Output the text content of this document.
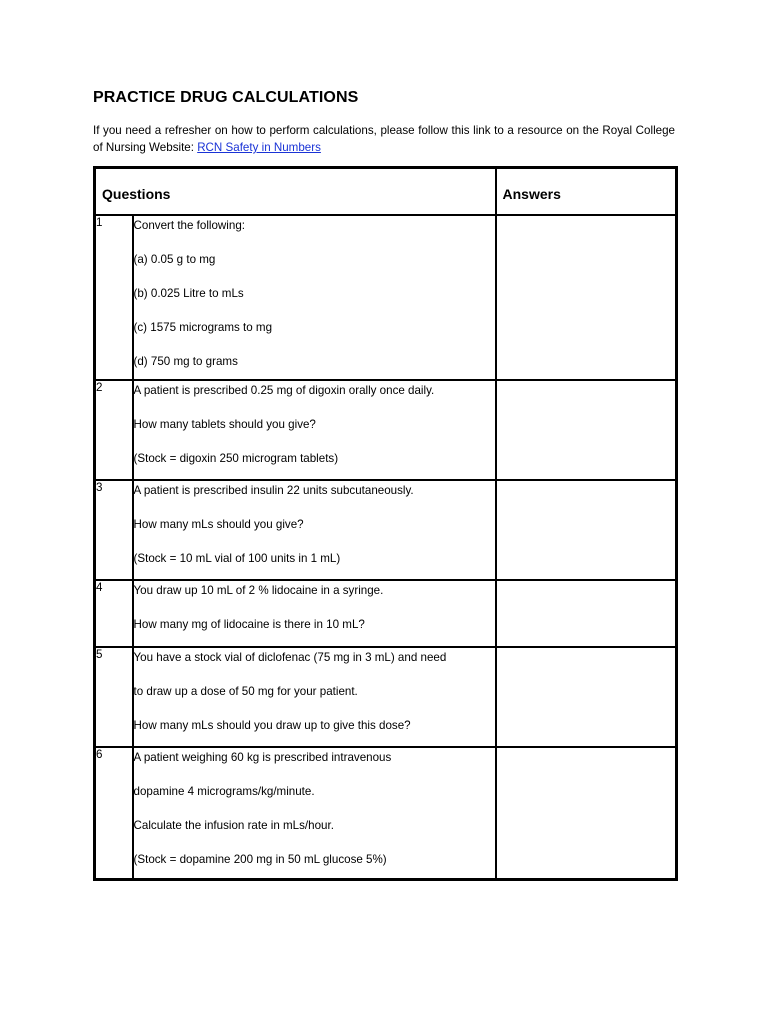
PRACTICE DRUG CALCULATIONS
If you need a refresher on how to perform calculations, please follow this link to a resource on the Royal College of Nursing Website: RCN Safety in Numbers
Questions		Answers
1	Convert the following:

(a) 0.05 g to mg

(b) 0.025 Litre to mLs

(c) 1575 micrograms to mg

(d) 750 mg to grams	

2	A patient is prescribed 0.25 mg of digoxin orally once daily.

How many tablets should you give?

(Stock = digoxin 250 microgram tablets)	

3	A patient is prescribed insulin 22 units subcutaneously.

How many mLs should you give?

(Stock = 10 mL vial of 100 units in 1 mL)	

4	You draw up 10 mL of 2 % lidocaine in a syringe.

How many mg of lidocaine is there in 10 mL?	

5	You have a stock vial of diclofenac (75 mg in 3 mL) and need

to draw up a dose of 50 mg for your patient.

How many mLs should you draw up to give this dose?	

6	A patient weighing 60 kg is prescribed intravenous

dopamine 4 micrograms/kg/minute.

Calculate the infusion rate in mLs/hour.

(Stock = dopamine 200 mg in 50 mL glucose 5%)	
